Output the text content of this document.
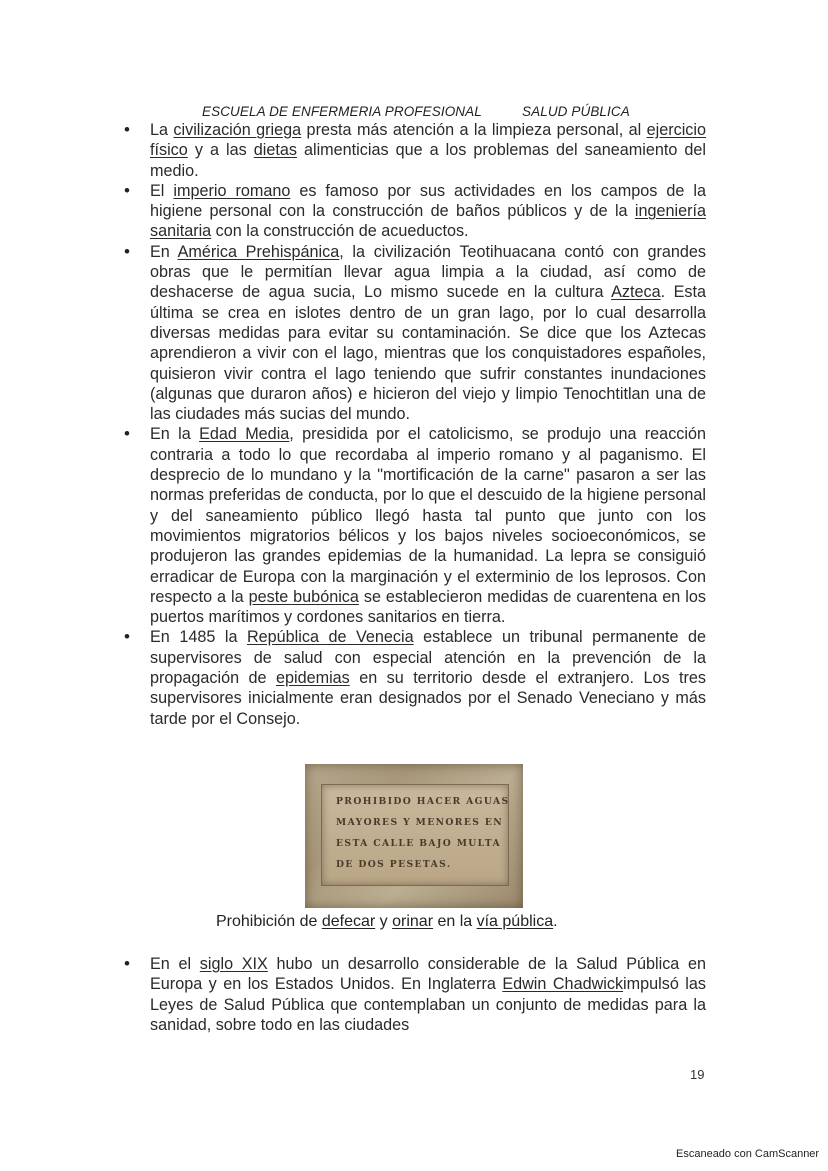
ESCUELA DE ENFERMERIA PROFESIONAL	SALUD PÚBLICA
• La civilización griega presta más atención a la limpieza personal, al ejercicio físico y a las dietas alimenticias que a los problemas del saneamiento del medio.
• El imperio romano es famoso por sus actividades en los campos de la higiene personal con la construcción de baños públicos y de la ingeniería sanitaria con la construcción de acueductos.
• En América Prehispánica, la civilización Teotihuacana contó con grandes obras que le permitían llevar agua limpia a la ciudad, así como de deshacerse de agua sucia, Lo mismo sucede en la cultura Azteca. Esta última se crea en islotes dentro de un gran lago, por lo cual desarrolla diversas medidas para evitar su contaminación. Se dice que los Aztecas aprendieron a vivir con el lago, mientras que los conquistadores españoles, quisieron vivir contra el lago teniendo que sufrir constantes inundaciones (algunas que duraron años) e hicieron del viejo y limpio Tenochtitlan una de las ciudades más sucias del mundo.
• En la Edad Media, presidida por el catolicismo, se produjo una reacción contraria a todo lo que recordaba al imperio romano y al paganismo. El desprecio de lo mundano y la "mortificación de la carne" pasaron a ser las normas preferidas de conducta, por lo que el descuido de la higiene personal y del saneamiento público llegó hasta tal punto que junto con los movimientos migratorios bélicos y los bajos niveles socioeconómicos, se produjeron las grandes epidemias de la humanidad. La lepra se consiguió erradicar de Europa con la marginación y el exterminio de los leprosos. Con respecto a la peste bubónica se establecieron medidas de cuarentena en los puertos marítimos y cordones sanitarios en tierra.
• En 1485 la República de Venecia establece un tribunal permanente de supervisores de salud con especial atención en la prevención de la propagación de epidemias en su territorio desde el extranjero. Los tres supervisores inicialmente eran designados por el Senado Veneciano y más tarde por el Consejo.
PROHIBIDO HACER AGUAS
MAYORES Y MENORES EN
ESTA CALLE BAJO MULTA
DE DOS PESETAS.
Prohibición de defecar y orinar en la vía pública.
• En el siglo XIX hubo un desarrollo considerable de la Salud Pública en Europa y en los Estados Unidos. En Inglaterra Edwin Chadwickimpulsó las Leyes de Salud Pública que contemplaban un conjunto de medidas para la sanidad, sobre todo en las ciudades
19
Escaneado con CamScanner
